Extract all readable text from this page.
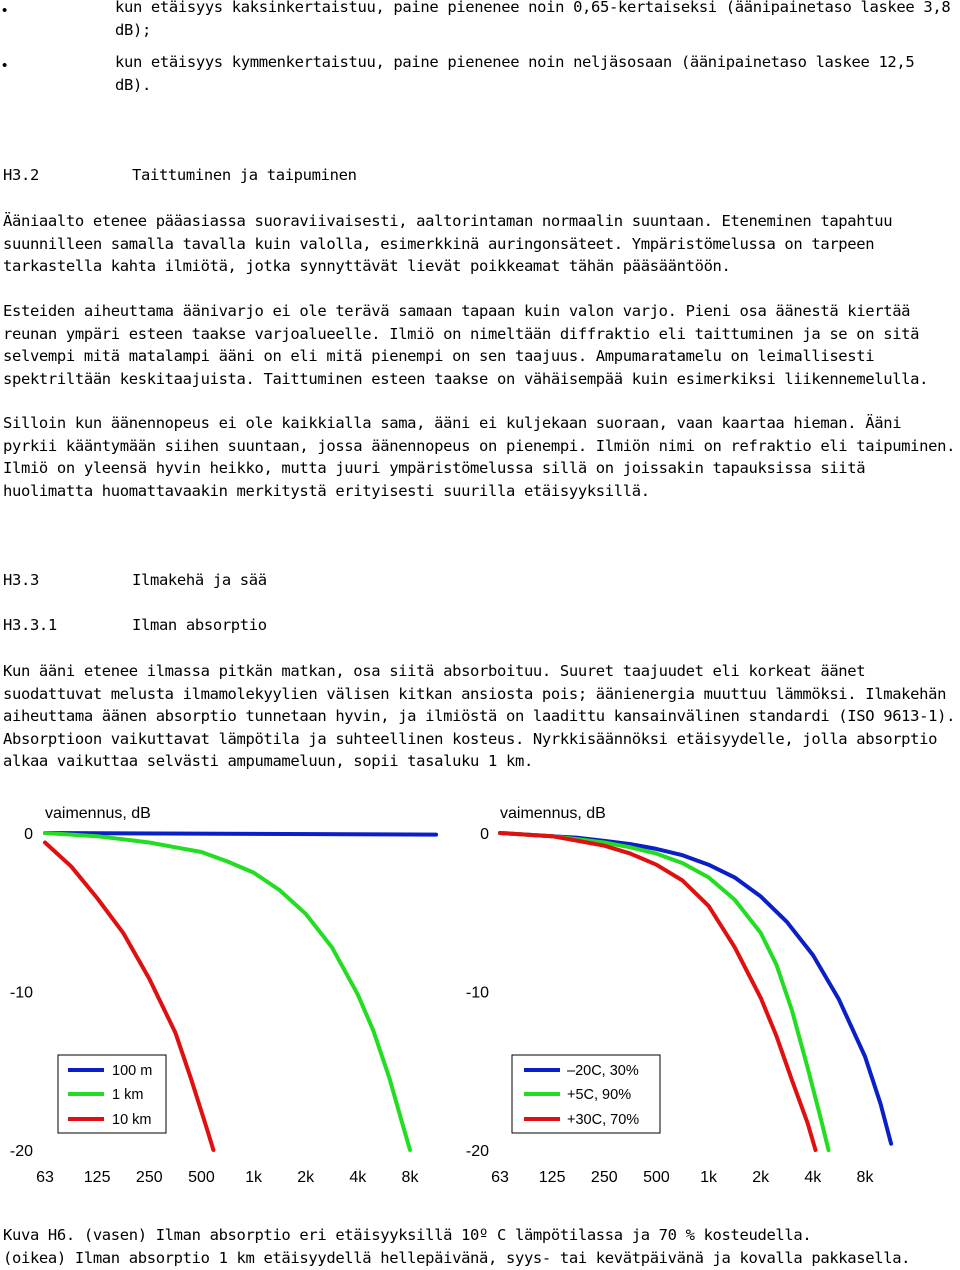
•	kun etäisyys kaksinkertaistuu, paine pienenee noin 0,65-kertaiseksi (äänipainetaso laskee 3,8 dB);
•	kun etäisyys kymmenkertaistuu, paine pienenee noin neljäsosaan (äänipainetaso laskee 12,5 dB).
H3.2	Taittuminen ja taipuminen

Ääniaalto etenee pääasiassa suoraviivaisesti, aaltorintaman normaalin suuntaan. Eteneminen tapahtuu suunnilleen samalla tavalla kuin valolla, esimerkkinä auringonsäteet. Ympäristömelussa on tarpeen tarkastella kahta ilmiötä, jotka synnyttävät lievät poikkeamat tähän pääsääntöön.

Esteiden aiheuttama äänivarjo ei ole terävä samaan tapaan kuin valon varjo. Pieni osa äänestä kiertää reunan ympäri esteen taakse varjoalueelle. Ilmiö on nimeltään diffraktio eli taittuminen ja se on sitä selvempi mitä matalampi ääni on eli mitä pienempi on sen taajuus. Ampumaratamelu on leimallisesti spektriltään keskitaajuista. Taittuminen esteen taakse on vähäisempää kuin esimerkiksi liikennemelulla.

Silloin kun äänennopeus ei ole kaikkialla sama, ääni ei kuljekaan suoraan, vaan kaartaa hieman. Ääni pyrkii kääntymään siihen suuntaan, jossa äänennopeus on pienempi. Ilmiön nimi on refraktio eli taipuminen. Ilmiö on yleensä hyvin heikko, mutta juuri ympäristömelussa sillä on joissakin tapauksissa siitä huolimatta huomattavaakin merkitystä erityisesti suurilla etäisyyksillä.

H3.3	Ilmakehä ja sää
H3.3.1	Ilman absorptio

Kun ääni etenee ilmassa pitkän matkan, osa siitä absorboituu. Suuret taajuudet eli korkeat äänet suodattuvat melusta ilmamolekyylien välisen kitkan ansiosta pois; äänienergia muuttuu lämmöksi. Ilmakehän aiheuttama äänen absorptio tunnetaan hyvin, ja ilmiöstä on laadittu kansainvälinen standardi (ISO 9613-1). Absorptioon vaikuttavat lämpötila ja suhteellinen kosteus. Nyrkkisäännöksi etäisyydelle, jolla absorptio alkaa vaikuttaa selvästi ampumameluun, sopii tasaluku 1 km.

vaimennus, dB
0
-10
-20
63 125 250 500 1k 2k 4k 8k
100 m
1 km
10 km
vaimennus, dB
0
-10
-20
63 125 250 500 1k 2k 4k 8k
–20C, 30%
+5C, 90%
+30C, 70%
Kuva H6. (vasen) Ilman absorptio eri etäisyyksillä 10º C lämpötilassa ja 70 % kosteudella.
(oikea) Ilman absorptio 1 km etäisyydellä hellepäivänä, syys- tai kevätpäivänä ja kovalla pakkasella.
